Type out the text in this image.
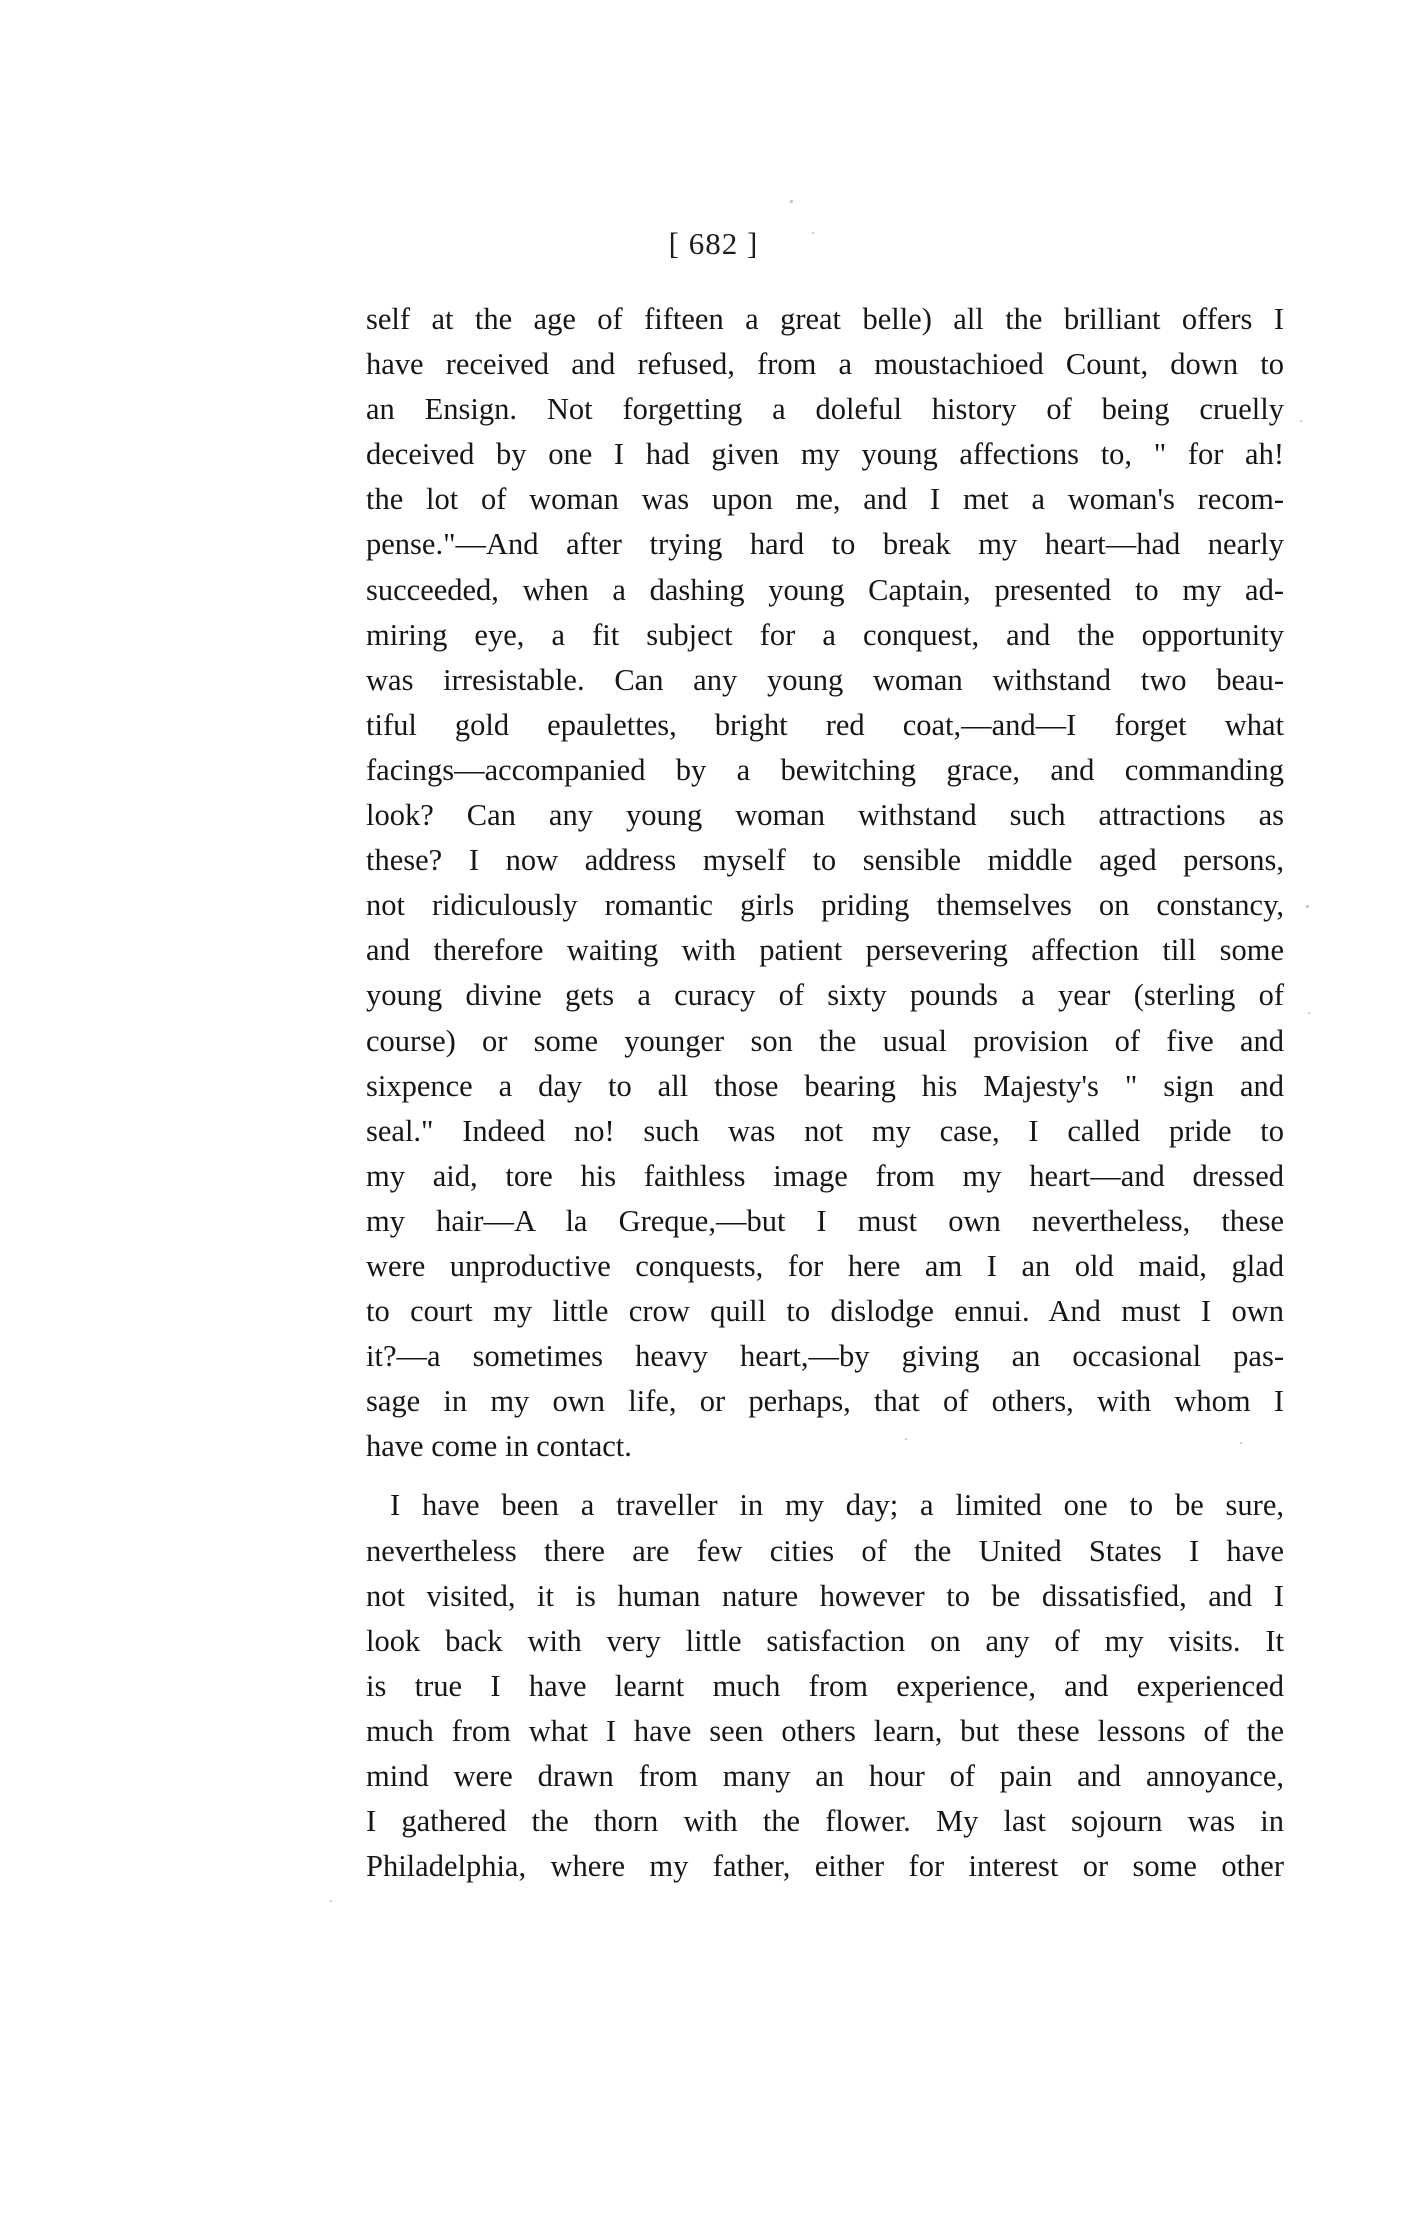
[ 682 ]
self at the age of fifteen a great belle) all the brilliant offers I
have received and refused, from a moustachioed Count, down to
an Ensign. Not forgetting a doleful history of being cruelly
deceived by one I had given my young affections to, " for ah!
the lot of woman was upon me, and I met a woman's recom-
pense."—And after trying hard to break my heart—had nearly
succeeded, when a dashing young Captain, presented to my ad-
miring eye, a fit subject for a conquest, and the opportunity
was irresistable. Can any young woman withstand two beau-
tiful gold epaulettes, bright red coat,—and—I forget what
facings—accompanied by a bewitching grace, and commanding
look? Can any young woman withstand such attractions as
these? I now address myself to sensible middle aged persons,
not ridiculously romantic girls priding themselves on constancy,
and therefore waiting with patient persevering affection till some
young divine gets a curacy of sixty pounds a year (sterling of
course) or some younger son the usual provision of five and
sixpence a day to all those bearing his Majesty's " sign and
seal." Indeed no! such was not my case, I called pride to
my aid, tore his faithless image from my heart—and dressed
my hair—A la Greque,—but I must own nevertheless, these
were unproductive conquests, for here am I an old maid, glad
to court my little crow quill to dislodge ennui. And must I own
it?—a sometimes heavy heart,—by giving an occasional pas-
sage in my own life, or perhaps, that of others, with whom I
have come in contact.
I have been a traveller in my day; a limited one to be sure,
nevertheless there are few cities of the United States I have
not visited, it is human nature however to be dissatisfied, and I
look back with very little satisfaction on any of my visits. It
is true I have learnt much from experience, and experienced
much from what I have seen others learn, but these lessons of the
mind were drawn from many an hour of pain and annoyance,
I gathered the thorn with the flower. My last sojourn was in
Philadelphia, where my father, either for interest or some other
